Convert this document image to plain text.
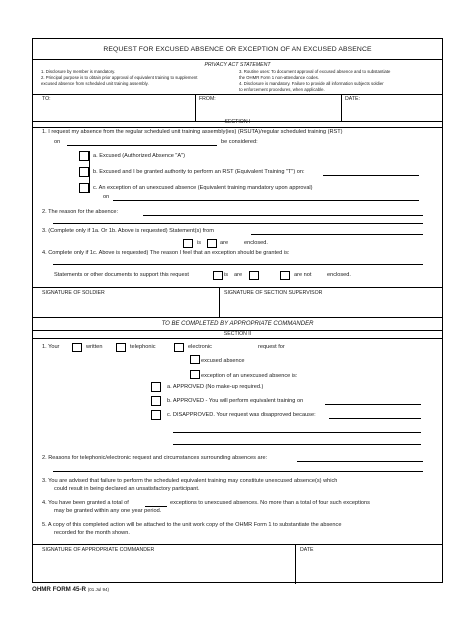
REQUEST FOR EXCUSED ABSENCE OR EXCEPTION OF AN EXCUSED ABSENCE
PRIVACY ACT STATEMENT
1. Disclosure by member is mandatory.
2. Principal purpose is to obtain prior approval of equivalent training to supplement
excused absence from scheduled unit training assembly.
3. Routine uses: To document approval of excused absence and to substantiate
the OHMR Form 1 non-attendance codes.
4. Disclosure is mandatory. Failure to provide all information subjects soldier
to enforcement procedures, when applicable.
TO:	FROM:	DATE:
SECTION I
1. I request my absence from the regular scheduled unit training assembly(ies) (RSUTA)/regular scheduled training (RST)
on	be considered:
a. Excused (Authorized Absence "A")
b. Excused and I be granted authority to perform an RST (Equivalent Training "T") on:
c. An exception of an unexcused absence (Equivalent training mandatory upon approval)
on
2. The reason for the absence:
3. (Complete only if 1a. Or 1b. Above is requested) Statement(s) from
is	are	enclosed.
4. Complete only if 1c. Above is requested) The reason I feel that an exception should be granted is:
Statements or other documents to support this request	is are	are not	enclosed.
SIGNATURE OF SOLDIER	SIGNATURE OF SECTION SUPERVISOR
TO BE COMPLETED BY APPROPRIATE COMMANDER
SECTION II
1. Your	written	telephonic	electronic	request for
excused absence
exception of an unexcused absence is:
a. APPROVED (No make-up required.)
b. APPROVED - You will perform equivalent training on
c. DISAPPROVED. Your request was disapproved because:
2. Reasons for telephonic/electronic request and circumstances surrounding absences are:
3. You are advised that failure to perform the scheduled equivalent training may constitute unexcused absence(s) which
could result in being declared an unsatisfactory participant.
4. You have been granted a total of	exceptions to unexcused absences. No more than a total of four such exceptions
may be granted within any one year period.
5. A copy of this completed action will be attached to the unit work copy of the OHMR Form 1 to substantiate the absence
recorded for the month shown.
SIGNATURE OF APPROPRIATE COMMANDER	DATE
OHMR FORM 45-R (01 Jul 94)
